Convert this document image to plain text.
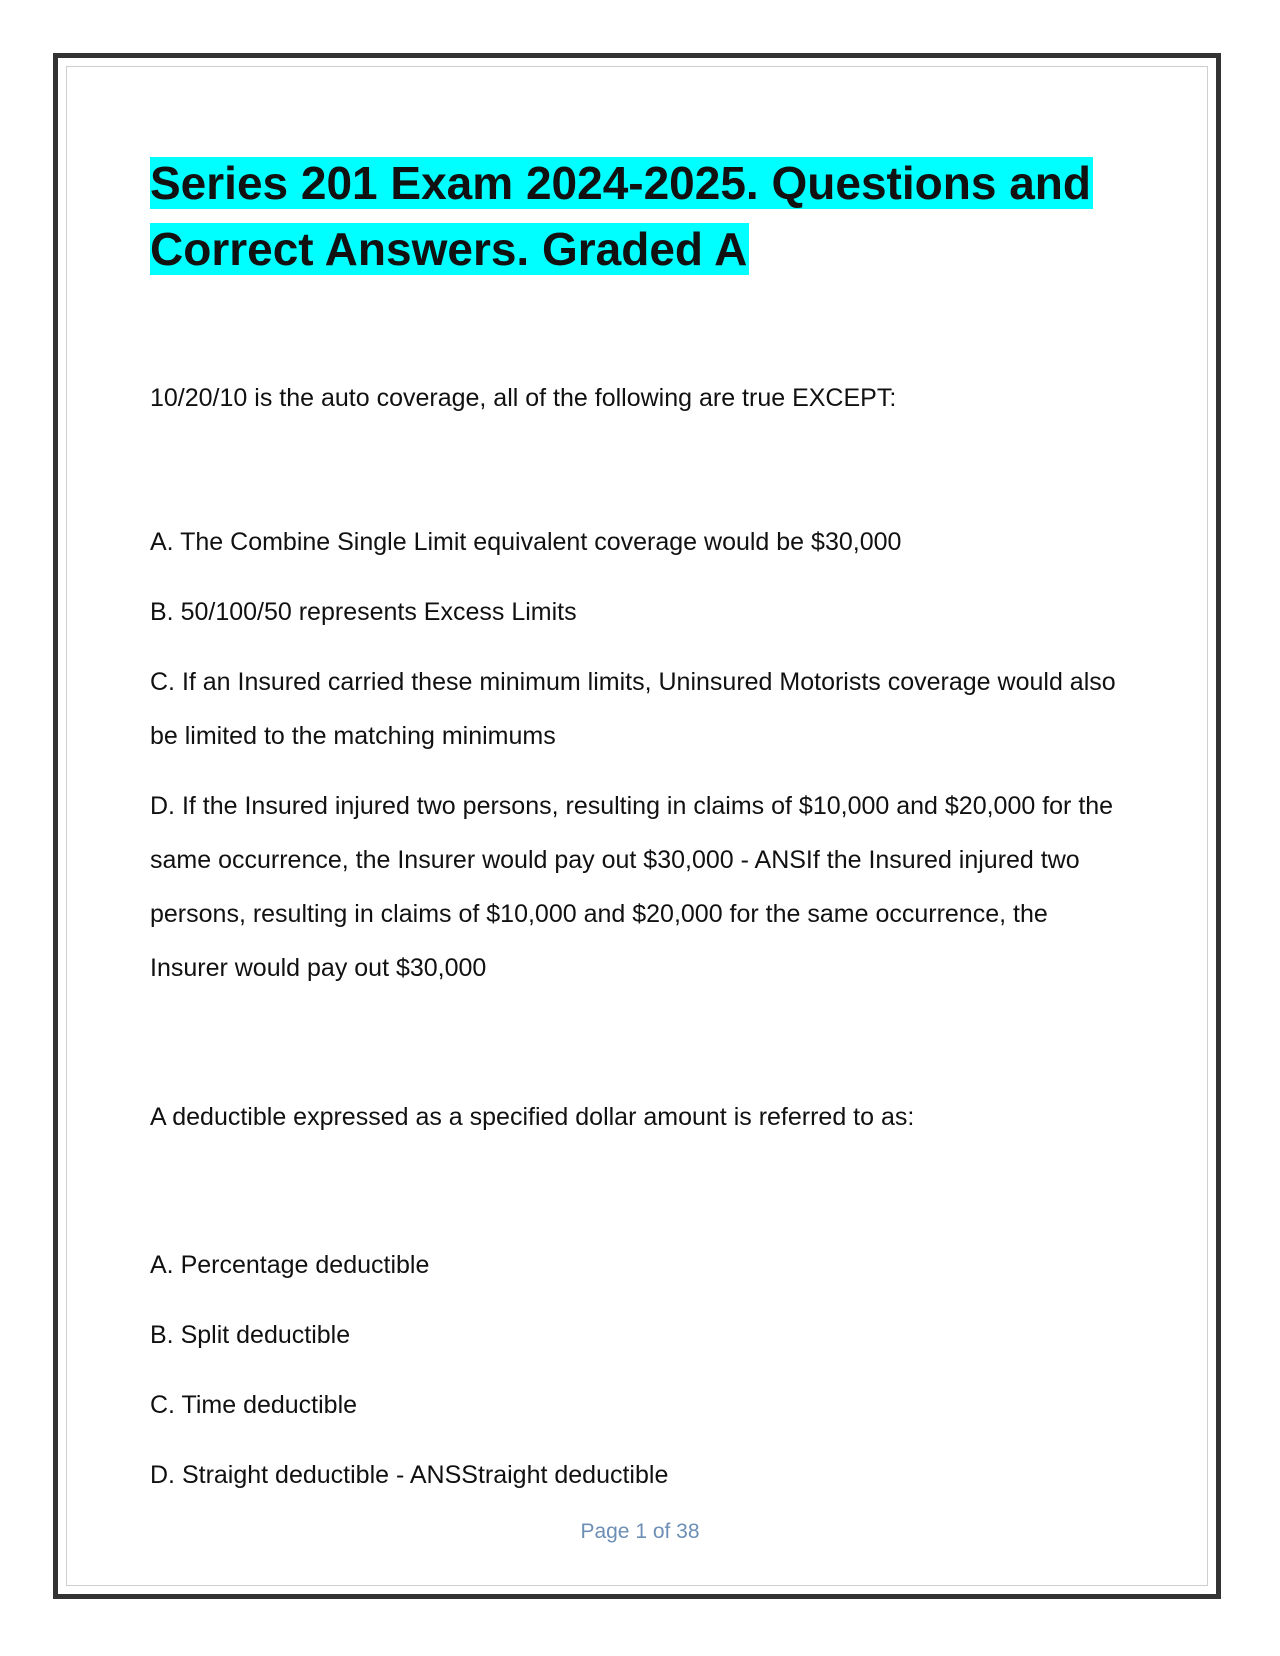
Series 201 Exam 2024-2025. Questions and Correct Answers. Graded A

10/20/10 is the auto coverage, all of the following are true EXCEPT:

A. The Combine Single Limit equivalent coverage would be $30,000
B. 50/100/50 represents Excess Limits
C. If an Insured carried these minimum limits, Uninsured Motorists coverage would also be limited to the matching minimums
D. If the Insured injured two persons, resulting in claims of $10,000 and $20,000 for the same occurrence, the Insurer would pay out $30,000 - ANSIf the Insured injured two persons, resulting in claims of $10,000 and $20,000 for the same occurrence, the Insurer would pay out $30,000

A deductible expressed as a specified dollar amount is referred to as:

A. Percentage deductible
B. Split deductible
C. Time deductible
D. Straight deductible - ANSStraight deductible
Page 1 of 38
